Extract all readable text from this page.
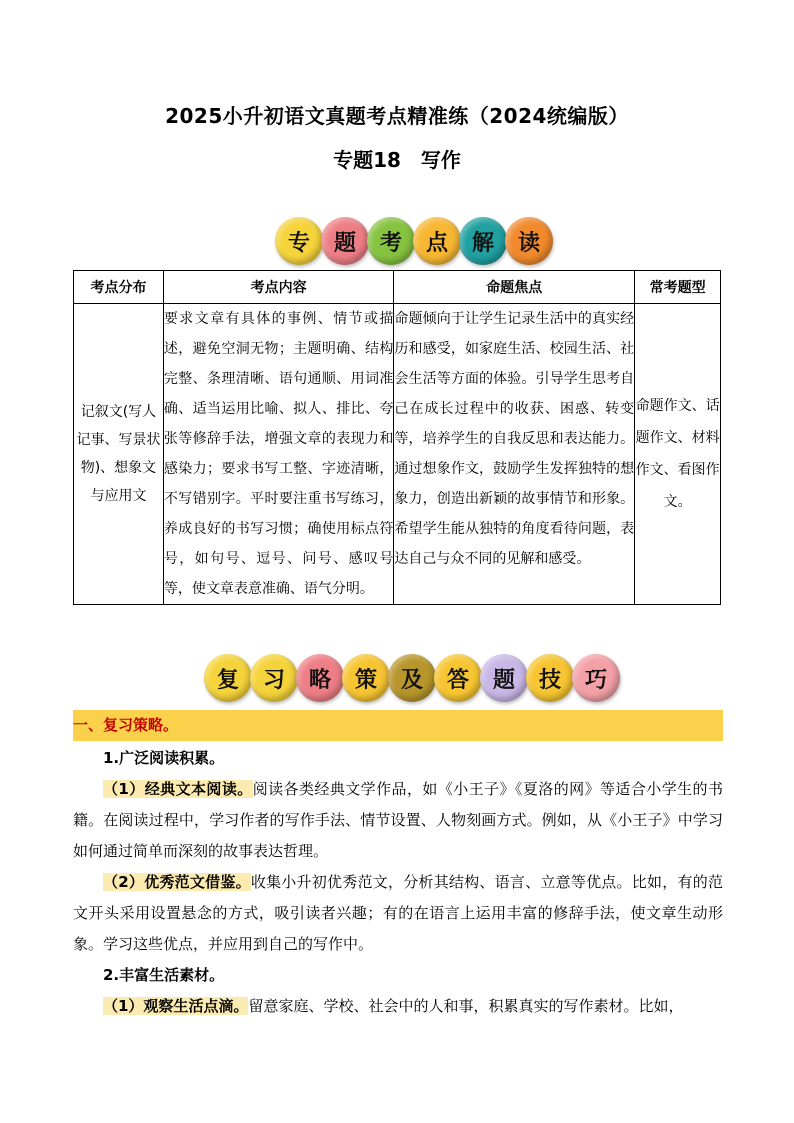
2025小升初语文真题考点精准练（2024统编版）
专题18　写作
专	题	考	点	解	读
考点分布	考点内容	命题焦点	常考题型
记叙文(写人记事、写景状物)、想象文与应用文	要求文章有具体的事例、情节或描述，避免空洞无物；主题明确、结构完整、条理清晰、语句通顺、用词准确、适当运用比喻、拟人、排比、夸张等修辞手法，增强文章的表现力和感染力；要求书写工整、字迹清晰，不写错别字。平时要注重书写练习，养成良好的书写习惯；确使用标点符号，如句号、逗号、问号、感叹号等，使文章表意准确、语气分明。	命题倾向于让学生记录生活中的真实经历和感受，如家庭生活、校园生活、社会生活等方面的体验。引导学生思考自己在成长过程中的收获、困惑、转变等，培养学生的自我反思和表达能力。通过想象作文，鼓励学生发挥独特的想象力，创造出新颖的故事情节和形象。希望学生能从独特的角度看待问题，表达自己与众不同的见解和感受。	命题作文、话题作文、材料作文、看图作文。
复	习	略	策	及	答	题	技	巧
一、复习策略。
1.广泛阅读积累。
（1）经典文本阅读。阅读各类经典文学作品，如《小王子》《夏洛的网》等适合小学生的书籍。在阅读过程中，学习作者的写作手法、情节设置、人物刻画方式。例如，从《小王子》中学习如何通过简单而深刻的故事表达哲理。
（2）优秀范文借鉴。收集小升初优秀范文，分析其结构、语言、立意等优点。比如，有的范文开头采用设置悬念的方式，吸引读者兴趣；有的在语言上运用丰富的修辞手法，使文章生动形象。学习这些优点，并应用到自己的写作中。
2.丰富生活素材。
（1）观察生活点滴。留意家庭、学校、社会中的人和事，积累真实的写作素材。比如，
